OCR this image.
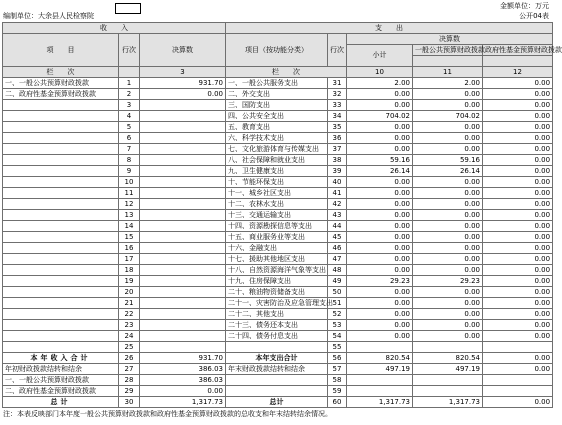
金额单位：万元
公开04表
编制单位：大余县人民检察院
收　　入			支　　出				
项　　目	行次	决算数	项目（按功能分类）	行次	决算数		
					小计	一般公共预算财政拨款	政府性基金预算财政拨款

栏　　次		3	栏　　次		10	11	12
一、一般公共预算财政拨款	1	931.70	一、一般公共服务支出	31	2.00	2.00	0.00
二、政府性基金预算财政拨款	2	0.00	二、外交支出	32	0.00	0.00	0.00
	3		三、国防支出	33	0.00	0.00	0.00
	4		四、公共安全支出	34	704.02	704.02	0.00
	5		五、教育支出	35	0.00	0.00	0.00
	6		六、科学技术支出	36	0.00	0.00	0.00
	7		七、文化旅游体育与传媒支出	37	0.00	0.00	0.00
	8		八、社会保障和就业支出	38	59.16	59.16	0.00
	9		九、卫生健康支出	39	26.14	26.14	0.00
	10		十、节能环保支出	40	0.00	0.00	0.00
	11		十一、城乡社区支出	41	0.00	0.00	0.00
	12		十二、农林水支出	42	0.00	0.00	0.00
	13		十三、交通运输支出	43	0.00	0.00	0.00
	14		十四、资源勘探信息等支出	44	0.00	0.00	0.00
	15		十五、商业服务业等支出	45	0.00	0.00	0.00
	16		十六、金融支出	46	0.00	0.00	0.00
	17		十七、援助其他地区支出	47	0.00	0.00	0.00
	18		十八、自然资源海洋气象等支出	48	0.00	0.00	0.00
	19		十九、住房保障支出	49	29.23	29.23	0.00
	20		二十、粮油物资储备支出	50	0.00	0.00	0.00
	21		二十一、灾害防治及应急管理支出	51	0.00	0.00	0.00
	22		二十二、其他支出	52	0.00	0.00	0.00
	23		二十三、债务还本支出	53	0.00	0.00	0.00
	24		二十四、债务付息支出	54	0.00	0.00	0.00
	25			55			
本年收入合计	26	931.70	本年支出合计	56	820.54	820.54	0.00
年初财政拨款结转和结余	27	386.03	年末财政拨款结转和结余	57	497.19	497.19	0.00
一、一般公共预算财政拨款	28	386.03		58			
二、政府性基金预算财政拨款	29	0.00		59			
总计	30	1,317.73	总计	60	1,317.73	1,317.73	0.00
注：本表反映部门本年度一般公共预算财政拨款和政府性基金预算财政拨款的总收支和年末结转结余情况。
